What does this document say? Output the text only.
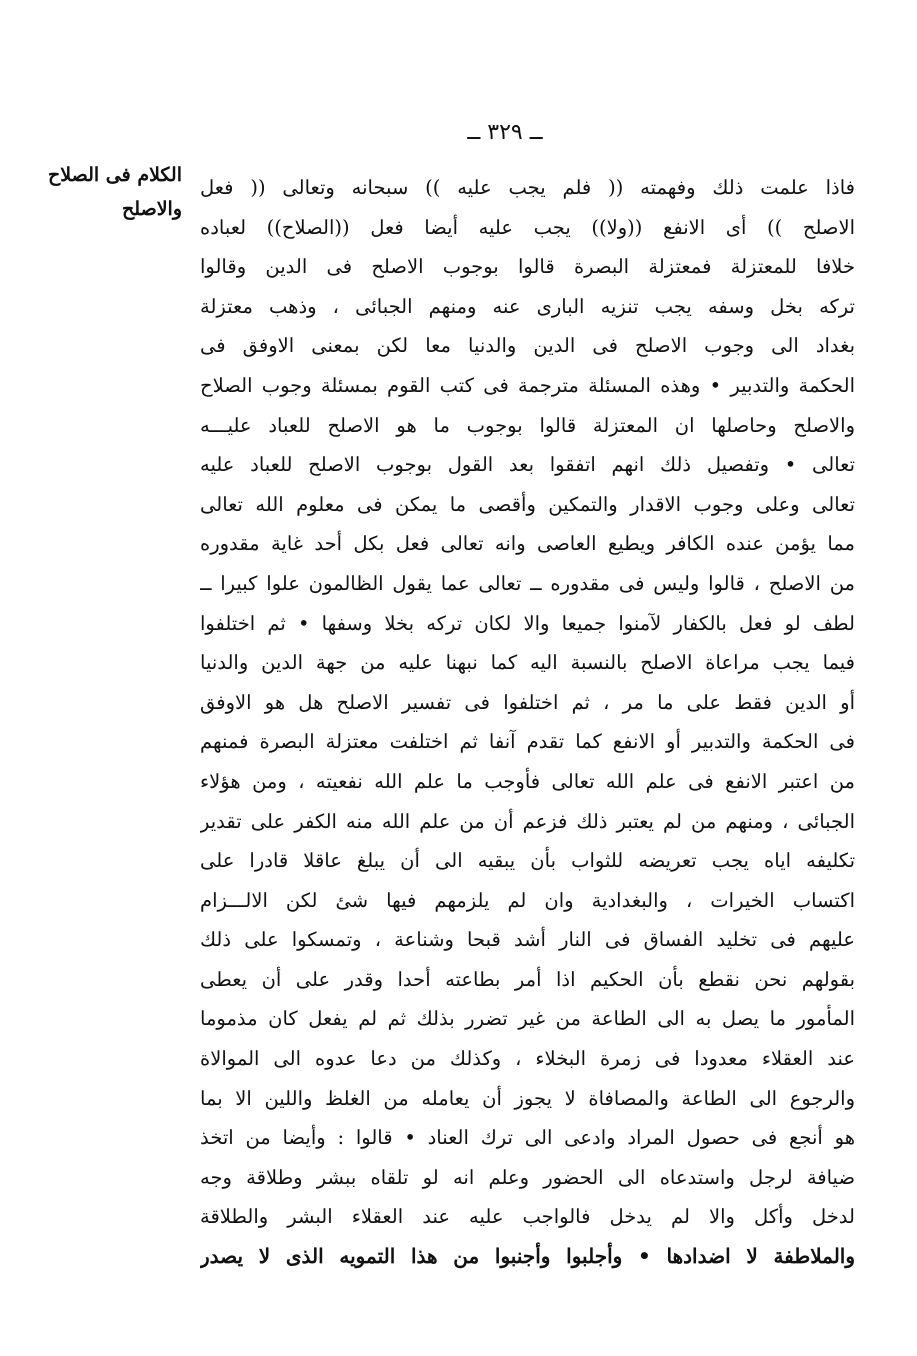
ــ ٣٢٩ ــ
الكلام فى الصلاح
والاصلح
فاذا علمت ذلك وفهمته (( فلم يجب عليه )) سبحانه وتعالى (( فعل
الاصلح )) أى الانفع ((ولا)) يجب عليه أيضا فعل ((الصلاح)) لعباده
خلافا للمعتزلة فمعتزلة البصرة قالوا بوجوب الاصلح فى الدين وقالوا
تركه بخل وسفه يجب تنزيه البارى عنه ومنهم الجبائى ، وذهب معتزلة
بغداد الى وجوب الاصلح فى الدين والدنيا معا لكن بمعنى الاوفق فى
الحكمة والتدبير • وهذه المسئلة مترجمة فى كتب القوم بمسئلة وجوب الصلاح
والاصلح وحاصلها ان المعتزلة قالوا بوجوب ما هو الاصلح للعباد عليـــه
تعالى • وتفصيل ذلك انهم اتفقوا بعد القول بوجوب الاصلح للعباد عليه
تعالى وعلى وجوب الاقدار والتمكين وأقصى ما يمكن فى معلوم الله تعالى
مما يؤمن عنده الكافر ويطيع العاصى وانه تعالى فعل بكل أحد غاية مقدوره
من الاصلح ، قالوا وليس فى مقدوره ــ تعالى عما يقول الظالمون علوا كبيرا ــ
لطف لو فعل بالكفار لآمنوا جميعا والا لكان تركه بخلا وسفها • ثم اختلفوا
فيما يجب مراعاة الاصلح بالنسبة اليه كما نبهنا عليه من جهة الدين والدنيا
أو الدين فقط على ما مر ، ثم اختلفوا فى تفسير الاصلح هل هو الاوفق
فى الحكمة والتدبير أو الانفع كما تقدم آنفا ثم اختلفت معتزلة البصرة فمنهم
من اعتبر الانفع فى علم الله تعالى فأوجب ما علم الله نفعيته ، ومن هؤلاء
الجبائى ، ومنهم من لم يعتبر ذلك فزعم أن من علم الله منه الكفر على تقدير
تكليفه اياه يجب تعريضه للثواب بأن يبقيه الى أن يبلغ عاقلا قادرا على
اكتساب الخيرات ، والبغدادية وان لم يلزمهم فيها شئ لكن الالـــزام
عليهم فى تخليد الفساق فى النار أشد قبحا وشناعة ، وتمسكوا على ذلك
بقولهم نحن نقطع بأن الحكيم اذا أمر بطاعته أحدا وقدر على أن يعطى
المأمور ما يصل به الى الطاعة من غير تضرر بذلك ثم لم يفعل كان مذموما
عند العقلاء معدودا فى زمرة البخلاء ، وكذلك من دعا عدوه الى الموالاة
والرجوع الى الطاعة والمصافاة لا يجوز أن يعامله من الغلظ واللين الا بما
هو أنجع فى حصول المراد وادعى الى ترك العناد • قالوا : وأيضا من اتخذ
ضيافة لرجل واستدعاه الى الحضور وعلم انه لو تلقاه ببشر وطلاقة وجه
لدخل وأكل والا لم يدخل فالواجب عليه عند العقلاء البشر والطلاقة
والملاطفة لا اضدادها • وأجلبوا وأجنبوا من هذا التمويه الذى لا يصدر
